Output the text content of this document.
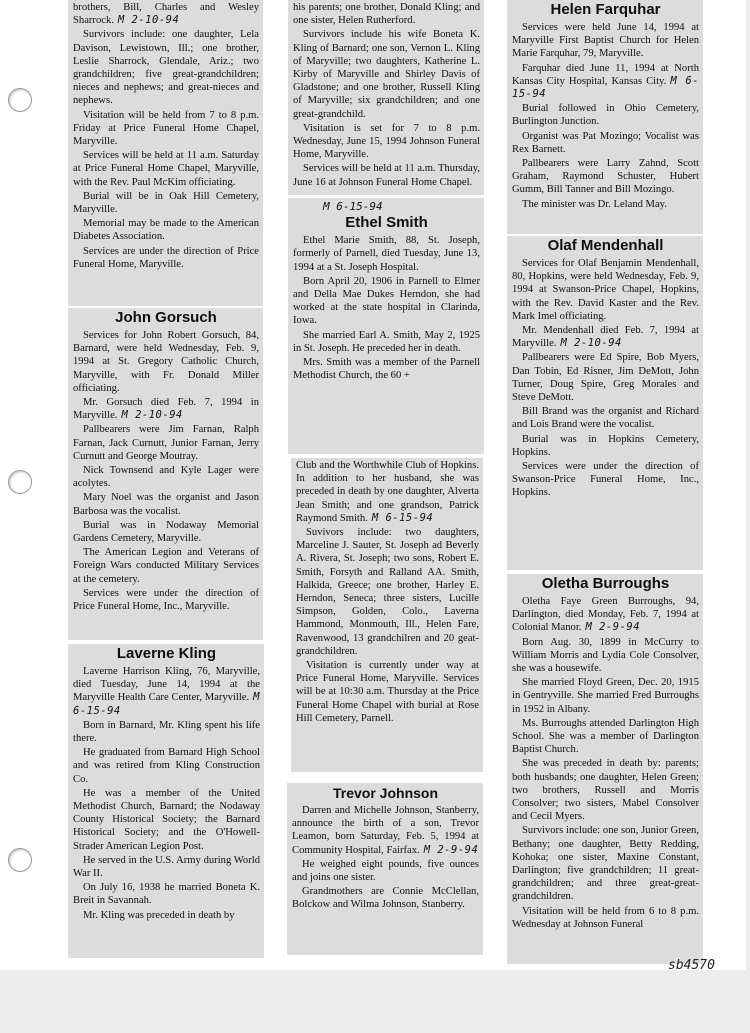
brothers, Bill, Charles and Wesley Sharrock. M 2-10-94

Survivors include: one daughter, Lela Davison, Lewistown, Ill.; one brother, Leslie Sharrock, Glendale, Ariz.; two grandchildren; five great-grandchildren; nieces and nephews; and great-nieces and nephews.

Visitation will be held from 7 to 8 p.m. Friday at Price Funeral Home Chapel, Maryville.

Services will be held at 11 a.m. Saturday at Price Funeral Home Chapel, Maryville, with the Rev. Paul McKim officiating.

Burial will be in Oak Hill Cemetery, Maryville.

Memorial may be made to the American Diabetes Association.

Services are under the direction of Price Funeral Home, Maryville.

John Gorsuch

Services for John Robert Gorsuch, 84, Barnard, were held Wednesday, Feb. 9, 1994 at St. Gregory Catholic Church, Maryville, with Fr. Donald Miller officiating.

Mr. Gorsuch died Feb. 7, 1994 in Maryville. M 2-10-94

Pallbearers were Jim Farnan, Ralph Farnan, Jack Curnutt, Junior Farnan, Jerry Curnutt and George Moutray.

Nick Townsend and Kyle Lager were acolytes.

Mary Noel was the organist and Jason Barbosa was the vocalist.

Burial was in Nodaway Memorial Gardens Cemetery, Maryville.

The American Legion and Veterans of Foreign Wars conducted Military Services at the cemetery.

Services were under the direction of Price Funeral Home, Inc., Maryville.

Laverne Kling

Laverne Harrison Kling, 76, Maryville, died Tuesday, June 14, 1994 at the Maryville Health Care Center, Maryville. M 6-15-94

Born in Barnard, Mr. Kling spent his life there.

He graduated from Barnard High School and was retired from Kling Construction Co.

He was a member of the United Methodist Church, Barnard; the Nodaway County Historical Society; the Barnard Historical Society; and the O'Howell-Strader American Legion Post.

He served in the U.S. Army during World War II.

On July 16, 1938 he married Boneta K. Breit in Savannah.

Mr. Kling was preceded in death by

his parents; one brother, Donald Kling; and one sister, Helen Rutherford.

Survivors include his wife Boneta K. Kling of Barnard; one son, Vernon L. Kling of Maryville; two daughters, Katherine L. Kirby of Maryville and Shirley Davis of Gladstone; and one brother, Russell Kling of Maryville; six grandchildren; and one great-grandchild.

Visitation is set for 7 to 8 p.m. Wednesday, June 15, 1994 Johnson Funeral Home, Maryville.

Services will be held at 11 a.m. Thursday, June 16 at Johnson Funeral Home Chapel.

M 6-15-94
Ethel Smith

Ethel Marie Smith, 88, St. Joseph, formerly of Parnell, died Tuesday, June 13, 1994 at a St. Joseph Hospital.

Born April 20, 1906 in Parnell to Elmer and Della Mae Dukes Herndon, she had worked at the state hospital in Clarinda, Iowa.

She married Earl A. Smith, May 2, 1925 in St. Joseph. He preceded her in death.

Mrs. Smith was a member of the Parnell Methodist Church, the 60 +

Club and the Worthwhile Club of Hopkins. In addition to her husband, she was preceded in death by one daughter, Alverta Jean Smith; and one grandson, Patrick Raymond Smith. M 6-15-94

Suvivors include: two daughters, Marceline J. Sauter, St. Joseph ad Beverly A. Rivera, St. Joseph; two sons, Robert E. Smith, Forsyth and Ralland AA. Smith, Halkida, Greece; one brother, Harley E. Herndon, Seneca; three sisters, Lucille Simpson, Golden, Colo., Laverna Hammond, Monmouth, Ill., Helen Fare, Ravenwood, 13 grandchilren and 20 geat-grandchildren.

Visitation is currently under way at Price Funeral Home, Maryville. Services will be at 10:30 a.m. Thursday at the Price Funeral Home Chapel with burial at Rose Hill Cemetery, Parnell.

Trevor Johnson

Darren and Michelle Johnson, Stanberry, announce the birth of a son, Trevor Leamon, born Saturday, Feb. 5, 1994 at Community Hospital, Fairfax. M 2-9-94

He weighed eight pounds, five ounces and joins one sister.

Grandmothers are Connie McClellan, Bolckow and Wilma Johnson, Stanberry.

Helen Farquhar

Services were held June 14, 1994 at Maryville First Baptist Church for Helen Marie Farquhar, 79, Maryville.

Farquhar died June 11, 1994 at North Kansas City Hospital, Kansas City. M 6-15-94

Burial followed in Ohio Cemetery, Burlington Junction.

Organist was Pat Mozingo; Vocalist was Rex Barnett.

Pallbearers were Larry Zahnd, Scott Graham, Raymond Schuster, Hubert Gumm, Bill Tanner and Bill Mozingo.

The minister was Dr. Leland May.

Olaf Mendenhall

Services for Olaf Benjamin Mendenhall, 80, Hopkins, were held Wednesday, Feb. 9, 1994 at Swanson-Price Chapel, Hopkins, with the Rev. David Kaster and the Rev. Mark Imel officiating.

Mr. Mendenhall died Feb. 7, 1994 at Maryville. M 2-10-94

Pallbearers were Ed Spire, Bob Myers, Dan Tobin, Ed Risner, Jim DeMott, John Turner, Doug Spire, Greg Morales and Steve DeMott.

Bill Brand was the organist and Richard and Lois Brand were the vocalist.

Burial was in Hopkins Cemetery, Hopkins.

Services were under the direction of Swanson-Price Funeral Home, Inc., Hopkins.

Oletha Burroughs

Oletha Faye Green Burroughs, 94, Darlington, died Monday, Feb. 7, 1994 at Colonial Manor. M 2-9-94

Born Aug. 30, 1899 in McCurry to William Morris and Lydia Cole Consolver, she was a housewife.

She married Floyd Green, Dec. 20, 1915 in Gentryville. She married Fred Burroughs in 1952 in Albany.

Ms. Burroughs attended Darlington High School. She was a member of Darlington Baptist Church.

She was preceded in death by: parents; both husbands; one daughter, Helen Green; two brothers, Russell and Morris Consolver; two sisters, Mabel Consolver and Cecil Myers.

Survivors include: one son, Junior Green, Bethany; one daughter, Betty Redding, Kohoka; one sister, Maxine Constant, Darlington; five grandchildren; 11 great-grandchildren; and three great-great-grandchildren.

Visitation will be held from 6 to 8 p.m. Wednesday at Johnson Funeral

sb4570
